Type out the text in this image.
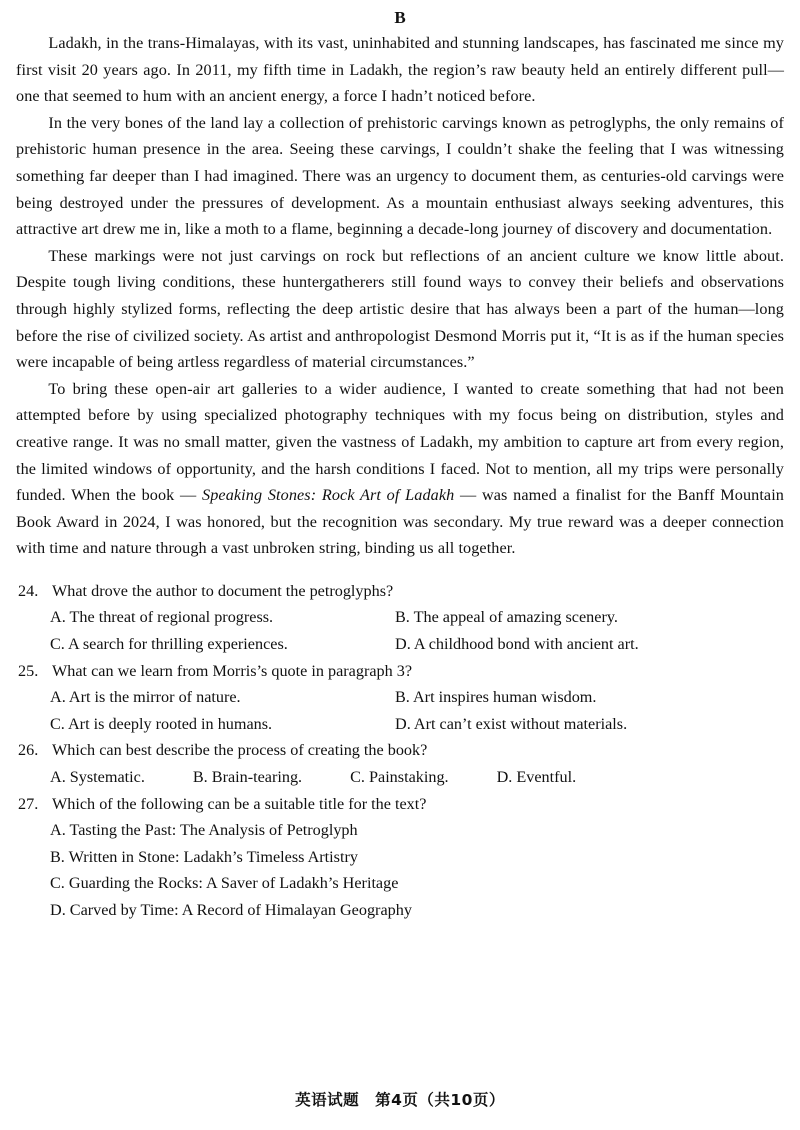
B

Ladakh, in the trans-Himalayas, with its vast, uninhabited and stunning landscapes, has fascinated me since my first visit 20 years ago. In 2011, my fifth time in Ladakh, the region’s raw beauty held an entirely different pull—one that seemed to hum with an ancient energy, a force I hadn’t noticed before.

In the very bones of the land lay a collection of prehistoric carvings known as petroglyphs, the only remains of prehistoric human presence in the area. Seeing these carvings, I couldn’t shake the feeling that I was witnessing something far deeper than I had imagined. There was an urgency to document them, as centuries-old carvings were being destroyed under the pressures of development. As a mountain enthusiast always seeking adventures, this attractive art drew me in, like a moth to a flame, beginning a decade-long journey of discovery and documentation.

These markings were not just carvings on rock but reflections of an ancient culture we know little about. Despite tough living conditions, these huntergatherers still found ways to convey their beliefs and observations through highly stylized forms, reflecting the deep artistic desire that has always been a part of the human—long before the rise of civilized society. As artist and anthropologist Desmond Morris put it, “It is as if the human species were incapable of being artless regardless of material circumstances.”

To bring these open-air art galleries to a wider audience, I wanted to create something that had not been attempted before by using specialized photography techniques with my focus being on distribution, styles and creative range. It was no small matter, given the vastness of Ladakh, my ambition to capture art from every region, the limited windows of opportunity, and the harsh conditions I faced. Not to mention, all my trips were personally funded. When the book — Speaking Stones: Rock Art of Ladakh — was named a finalist for the Banff Mountain Book Award in 2024, I was honored, but the recognition was secondary. My true reward was a deeper connection with time and nature through a vast unbroken string, binding us all together.

24. What drove the author to document the petroglyphs?
A. The threat of regional progress.	B. The appeal of amazing scenery.
C. A search for thrilling experiences.	D. A childhood bond with ancient art.
25. What can we learn from Morris’s quote in paragraph 3?
A. Art is the mirror of nature.	B. Art inspires human wisdom.
C. Art is deeply rooted in humans.	D. Art can’t exist without materials.
26. Which can best describe the process of creating the book?
A. Systematic.	B. Brain-tearing.	C. Painstaking.	D. Eventful.
27. Which of the following can be a suitable title for the text?
A. Tasting the Past: The Analysis of Petroglyph
B. Written in Stone: Ladakh’s Timeless Artistry
C. Guarding the Rocks: A Saver of Ladakh’s Heritage
D. Carved by Time: A Record of Himalayan Geography
英语试题　第4页（共10页）
